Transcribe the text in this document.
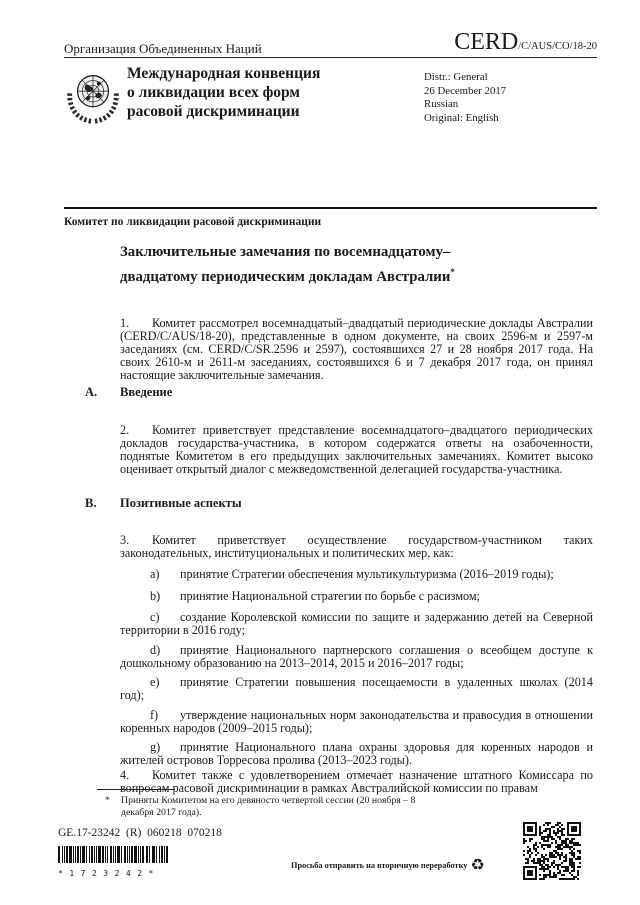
Организация Объединенных Наций	CERD/C/AUS/CO/18-20
Международная конвенция
о ликвидации всех форм
расовой дискриминации
Distr.: General
26 December 2017
Russian
Original: English
Комитет по ликвидации расовой дискриминации
Заключительные замечания по восемнадцатому–
двадцатому периодическим докладам Австралии*

1. Комитет рассмотрел восемнадцатый–двадцатый периодические доклады Австралии (CERD/C/AUS/18-20), представленные в одном документе, на своих 2596-м и 2597-м заседаниях (см. CERD/C/SR.2596 и 2597), состоявшихся 27 и 28 ноября 2017 года. На своих 2610-м и 2611-м заседаниях, состоявшихся 6 и 7 декабря 2017 года, он принял настоящие заключительные замечания.

A. Введение

2. Комитет приветствует представление восемнадцатого–двадцатого периодических докладов государства-участника, в котором содержатся ответы на озабоченности, поднятые Комитетом в его предыдущих заключительных замечаниях. Комитет высоко оценивает открытый диалог с межведомственной делегацией государства-участника.

B. Позитивные аспекты

3. Комитет приветствует осуществление государством-участником таких законодательных, институциональных и политических мер, как:

a) принятие Стратегии обеспечения мультикультуризма (2016–2019 годы);

b) принятие Национальной стратегии по борьбе с расизмом;

c) создание Королевской комиссии по защите и задержанию детей на Северной территории в 2016 году;

d) принятие Национального партнерского соглашения о всеобщем доступе к дошкольному образованию на 2013–2014, 2015 и 2016–2017 годы;

e) принятие Стратегии повышения посещаемости в удаленных школах (2014 год);

f) утверждение национальных норм законодательства и правосудия в отношении коренных народов (2009–2015 годы);

g) принятие Национального плана охраны здоровья для коренных народов и жителей островов Торресова пролива (2013–2023 годы).

4. Комитет также с удовлетворением отмечает назначение штатного Комиссара по вопросам расовой дискриминации в рамках Австралийской комиссии по правам

* Приняты Комитетом на его девяносто четвертой сессии (20 ноября – 8 декабря 2017 года).
GE.17-23242  (R)  060218  070218
*1723242*
Просьба отправить на вторичную переработку ♻
